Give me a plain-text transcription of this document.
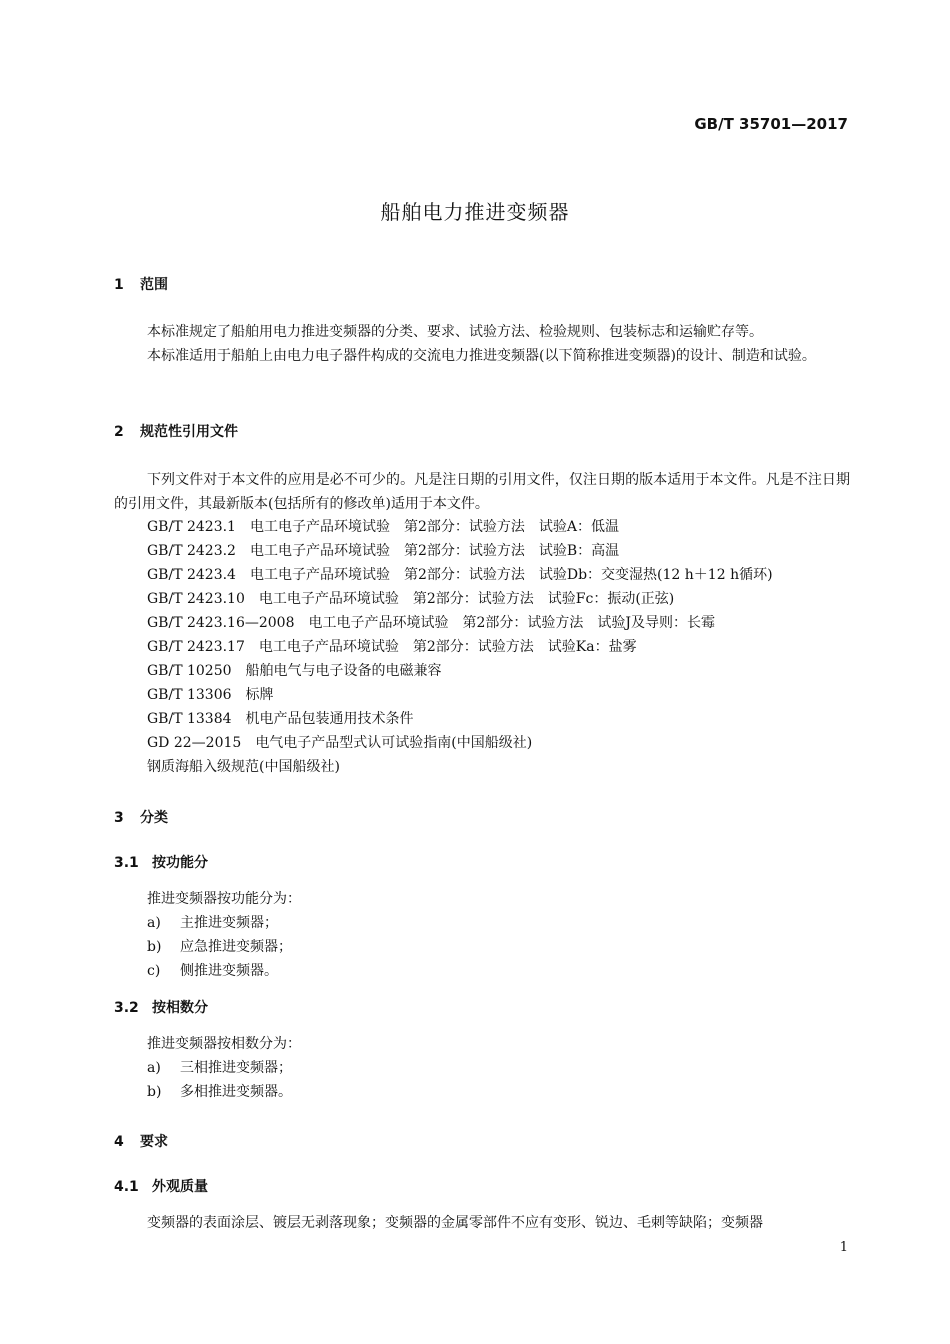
GB/T 35701—2017
船舶电力推进变频器
1 范围
本标准规定了船舶用电力推进变频器的分类、要求、试验方法、检验规则、包装标志和运输贮存等。
本标准适用于船舶上由电力电子器件构成的交流电力推进变频器(以下简称推进变频器)的设计、制造和试验。
2 规范性引用文件
下列文件对于本文件的应用是必不可少的。凡是注日期的引用文件，仅注日期的版本适用于本文件。凡是不注日期的引用文件，其最新版本(包括所有的修改单)适用于本文件。
GB/T 2423.1 电工电子产品环境试验　第2部分：试验方法　试验A：低温
GB/T 2423.2 电工电子产品环境试验　第2部分：试验方法　试验B：高温
GB/T 2423.4 电工电子产品环境试验　第2部分：试验方法　试验Db：交变湿热(12 h＋12 h循环)
GB/T 2423.10 电工电子产品环境试验　第2部分：试验方法　试验Fc：振动(正弦)
GB/T 2423.16—2008 电工电子产品环境试验　第2部分：试验方法　试验J及导则：长霉
GB/T 2423.17 电工电子产品环境试验　第2部分：试验方法　试验Ka：盐雾
GB/T 10250 船舶电气与电子设备的电磁兼容
GB/T 13306 标牌
GB/T 13384 机电产品包装通用技术条件
GD 22—2015 电气电子产品型式认可试验指南(中国船级社)
钢质海船入级规范(中国船级社)
3 分类
3.1 按功能分
推进变频器按功能分为：
a) 主推进变频器；
b) 应急推进变频器；
c) 侧推进变频器。
3.2 按相数分
推进变频器按相数分为：
a) 三相推进变频器；
b) 多相推进变频器。
4 要求
4.1 外观质量
变频器的表面涂层、镀层无剥落现象；变频器的金属零部件不应有变形、锐边、毛刺等缺陷；变频器
1
